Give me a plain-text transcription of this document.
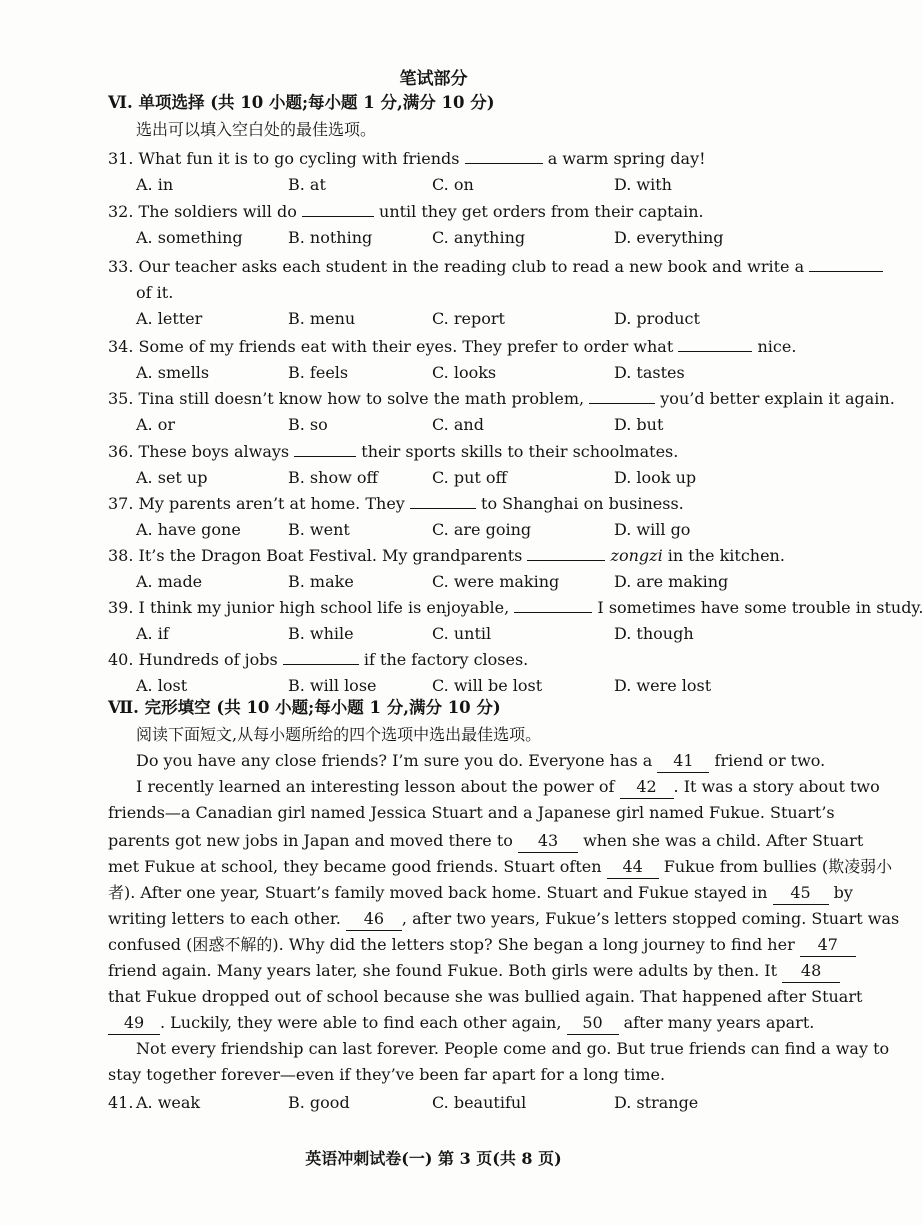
笔试部分
Ⅵ. 单项选择 (共 10 小题;每小题 1 分,满分 10 分)
选出可以填入空白处的最佳选项。
31. What fun it is to go cycling with friends	a warm spring day!
A. in	B. at	C. on	D. with
32. The soldiers will do	until they get orders from their captain.
A. something	B. nothing	C. anything	D. everything
33. Our teacher asks each student in the reading club to read a new book and write a
of it.
A. letter	B. menu	C. report	D. product
34. Some of my friends eat with their eyes. They prefer to order what	nice.
A. smells	B. feels	C. looks	D. tastes
35. Tina still doesn’t know how to solve the math problem,	you’d better explain it again.
A. or	B. so	C. and	D. but
36. These boys always	their sports skills to their schoolmates.
A. set up	B. show off	C. put off	D. look up
37. My parents aren’t at home. They	to Shanghai on business.
A. have gone	B. went	C. are going	D. will go
38. It’s the Dragon Boat Festival. My grandparents	zongzi in the kitchen.
A. made	B. make	C. were making	D. are making
39. I think my junior high school life is enjoyable,	I sometimes have some trouble in study.
A. if	B. while	C. until	D. though
40. Hundreds of jobs	if the factory closes.
A. lost	B. will lose	C. will be lost	D. were lost
Ⅶ. 完形填空 (共 10 小题;每小题 1 分,满分 10 分)
阅读下面短文,从每小题所给的四个选项中选出最佳选项。
Do you have any close friends? I’m sure you do. Everyone has a 41 friend or two.
I recently learned an interesting lesson about the power of 42 . It was a story about two
friends—a Canadian girl named Jessica Stuart and a Japanese girl named Fukue. Stuart’s
parents got new jobs in Japan and moved there to 43 when she was a child. After Stuart
met Fukue at school, they became good friends. Stuart often 44 Fukue from bullies (欺凌弱小
者). After one year, Stuart’s family moved back home. Stuart and Fukue stayed in 45 by
writing letters to each other. 46 , after two years, Fukue’s letters stopped coming. Stuart was
confused (困惑不解的). Why did the letters stop? She began a long journey to find her 47
friend again. Many years later, she found Fukue. Both girls were adults by then. It 48
that Fukue dropped out of school because she was bullied again. That happened after Stuart
49 . Luckily, they were able to find each other again, 50 after many years apart.
Not every friendship can last forever. People come and go. But true friends can find a way to
stay together forever—even if they’ve been far apart for a long time.
41. A. weak	B. good	C. beautiful	D. strange
英语冲刺试卷(一) 第 3 页(共 8 页)
